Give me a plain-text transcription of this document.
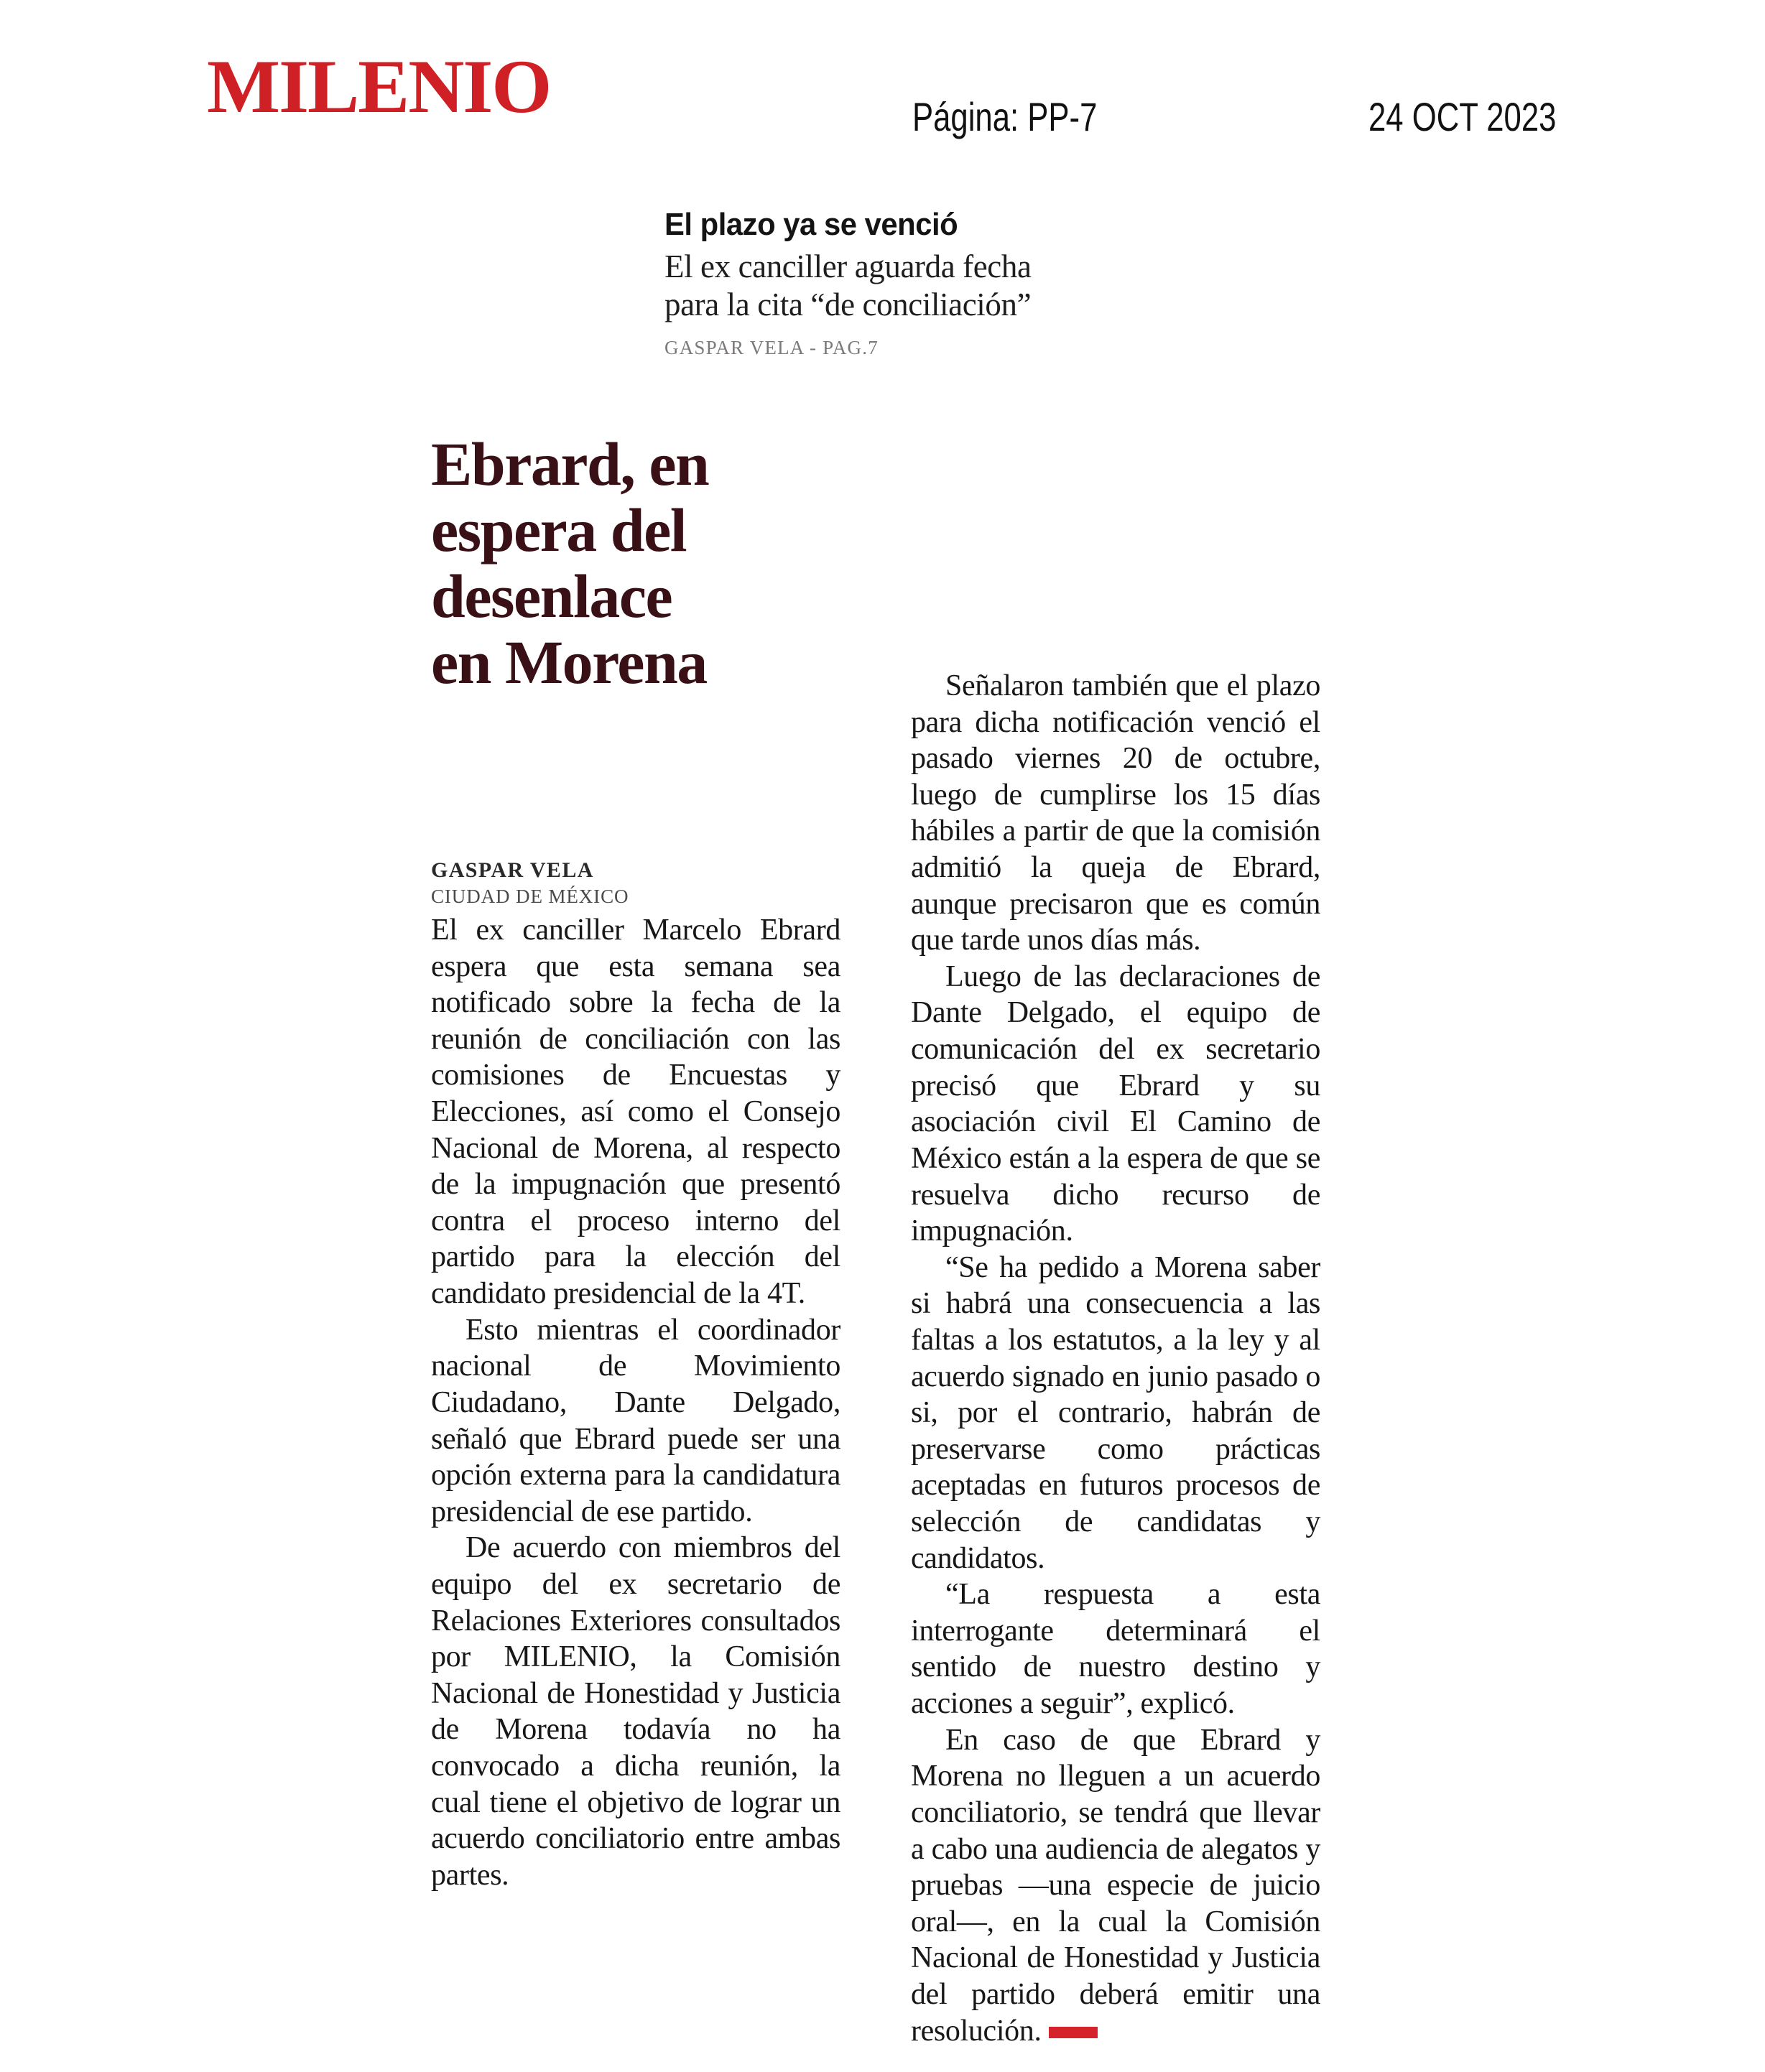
MILENIO	Página: PP-7	24 OCT 2023
El plazo ya se venció
El ex canciller aguarda fecha
para la cita “de conciliación”
GASPAR VELA - PAG.7
Ebrard, en
espera del
desenlace
en Morena
GASPAR VELA
CIUDAD DE MÉXICO

El ex canciller Marcelo Ebrard espera que esta semana sea notificado sobre la fecha de la reunión de conciliación con las comisiones de Encuestas y Elecciones, así como el Consejo Nacional de Morena, al respecto de la impugnación que presentó contra el proceso interno del partido para la elección del candidato presidencial de la 4T.

Esto mientras el coordinador nacional de Movimiento Ciudadano, Dante Delgado, señaló que Ebrard puede ser una opción externa para la candidatura presidencial de ese partido.

De acuerdo con miembros del equipo del ex secretario de Relaciones Exteriores consultados por MILENIO, la Comisión Nacional de Honestidad y Justicia de Morena todavía no ha convocado a dicha reunión, la cual tiene el objetivo de lograr un acuerdo conciliatorio entre ambas partes.

Señalaron también que el plazo para dicha notificación venció el pasado viernes 20 de octubre, luego de cumplirse los 15 días hábiles a partir de que la comisión admitió la queja de Ebrard, aunque precisaron que es común que tarde unos días más.

Luego de las declaraciones de Dante Delgado, el equipo de comunicación del ex secretario precisó que Ebrard y su asociación civil El Camino de México están a la espera de que se resuelva dicho recurso de impugnación.

“Se ha pedido a Morena saber si habrá una consecuencia a las faltas a los estatutos, a la ley y al acuerdo signado en junio pasado o si, por el contrario, habrán de preservarse como prácticas aceptadas en futuros procesos de selección de candidatas y candidatos.

“La respuesta a esta interrogante determinará el sentido de nuestro destino y acciones a seguir”, explicó.

En caso de que Ebrard y Morena no lleguen a un acuerdo conciliatorio, se tendrá que llevar a cabo una audiencia de alegatos y pruebas —una especie de juicio oral—, en la cual la Comisión Nacional de Honestidad y Justicia del partido deberá emitir una resolución.
